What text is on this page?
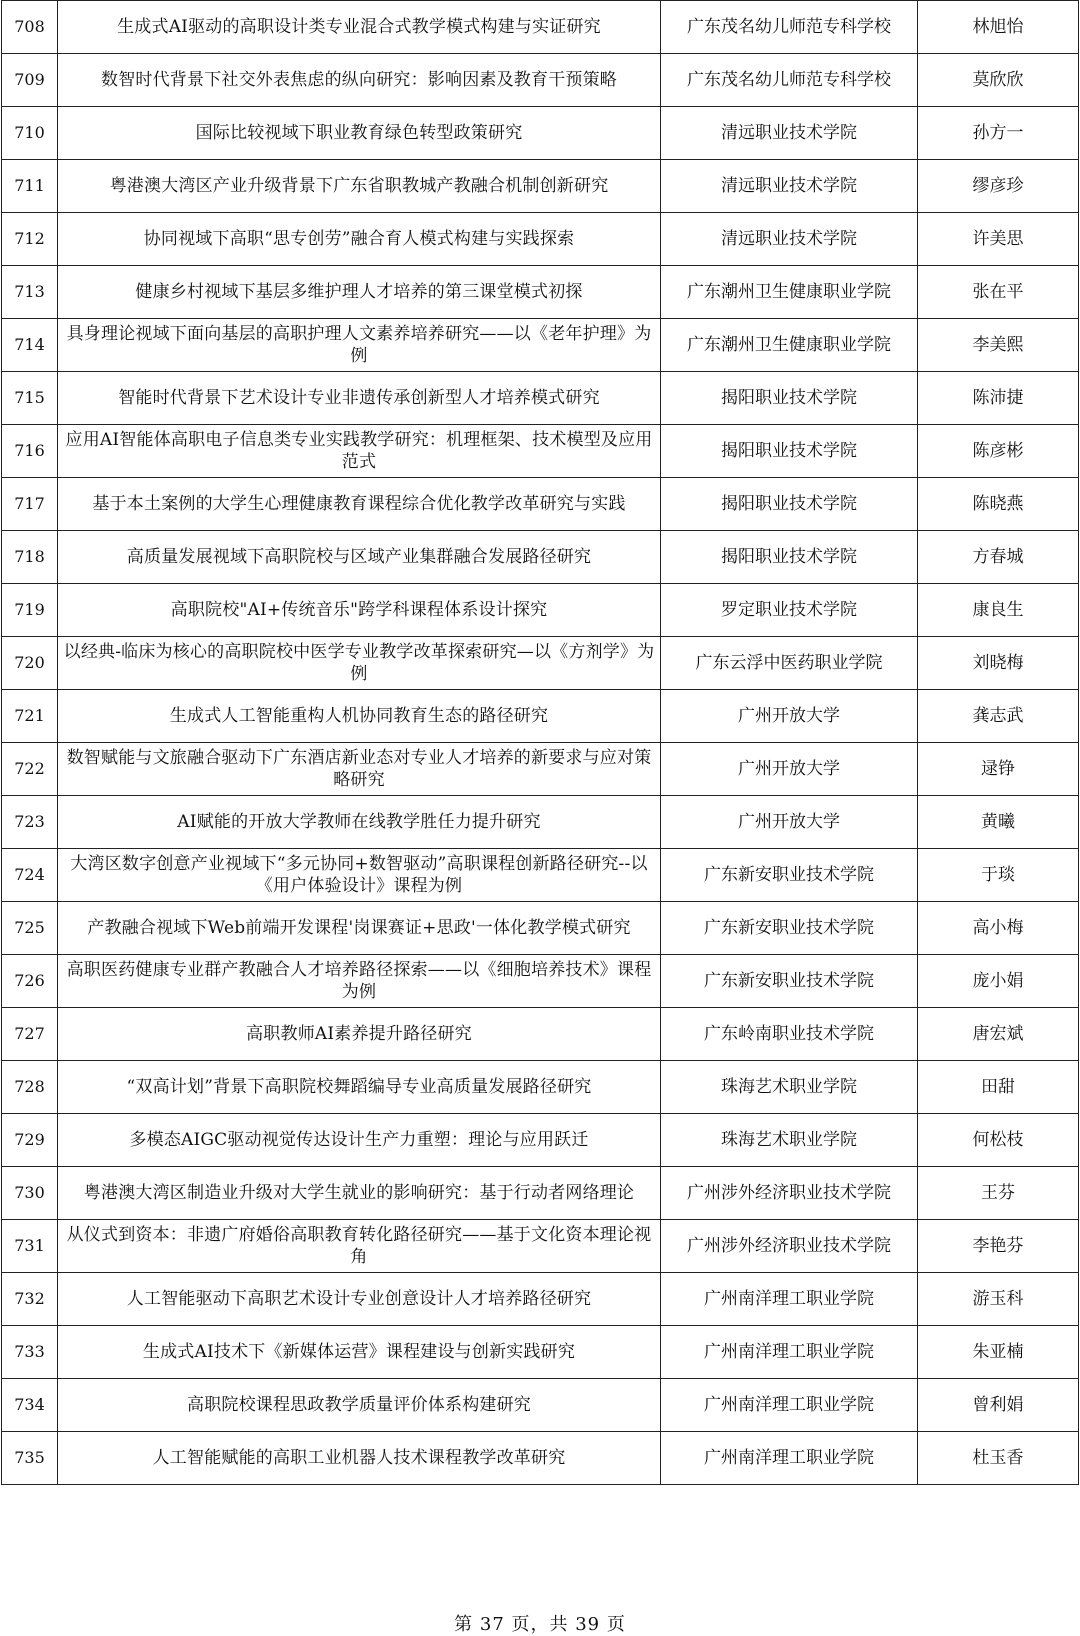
708	生成式AI驱动的高职设计类专业混合式教学模式构建与实证研究	广东茂名幼儿师范专科学校	林旭怡
709	数智时代背景下社交外表焦虑的纵向研究：影响因素及教育干预策略	广东茂名幼儿师范专科学校	莫欣欣
710	国际比较视域下职业教育绿色转型政策研究	清远职业技术学院	孙方一
711	粤港澳大湾区产业升级背景下广东省职教城产教融合机制创新研究	清远职业技术学院	缪彦珍
712	协同视域下高职“思专创劳”融合育人模式构建与实践探索	清远职业技术学院	许美思
713	健康乡村视域下基层多维护理人才培养的第三课堂模式初探	广东潮州卫生健康职业学院	张在平
714	具身理论视域下面向基层的高职护理人文素养培养研究——以《老年护理》为例	广东潮州卫生健康职业学院	李美熙
715	智能时代背景下艺术设计专业非遗传承创新型人才培养模式研究	揭阳职业技术学院	陈沛捷
716	应用AI智能体高职电子信息类专业实践教学研究：机理框架、技术模型及应用范式	揭阳职业技术学院	陈彦彬
717	基于本土案例的大学生心理健康教育课程综合优化教学改革研究与实践	揭阳职业技术学院	陈晓燕
718	高质量发展视域下高职院校与区域产业集群融合发展路径研究	揭阳职业技术学院	方春城
719	高职院校"AI+传统音乐"跨学科课程体系设计探究	罗定职业技术学院	康良生
720	以经典-临床为核心的高职院校中医学专业教学改革探索研究—以《方剂学》为例	广东云浮中医药职业学院	刘晓梅
721	生成式人工智能重构人机协同教育生态的路径研究	广州开放大学	龚志武
722	数智赋能与文旅融合驱动下广东酒店新业态对专业人才培养的新要求与应对策略研究	广州开放大学	逯铮
723	AI赋能的开放大学教师在线教学胜任力提升研究	广州开放大学	黄曦
724	大湾区数字创意产业视域下“多元协同+数智驱动”高职课程创新路径研究--以《用户体验设计》课程为例	广东新安职业技术学院	于琰
725	产教融合视域下Web前端开发课程'岗课赛证+思政'一体化教学模式研究	广东新安职业技术学院	高小梅
726	高职医药健康专业群产教融合人才培养路径探索——以《细胞培养技术》课程为例	广东新安职业技术学院	庞小娟
727	高职教师AI素养提升路径研究	广东岭南职业技术学院	唐宏斌
728	“双高计划”背景下高职院校舞蹈编导专业高质量发展路径研究	珠海艺术职业学院	田甜
729	多模态AIGC驱动视觉传达设计生产力重塑：理论与应用跃迁	珠海艺术职业学院	何松枝
730	粤港澳大湾区制造业升级对大学生就业的影响研究：基于行动者网络理论	广州涉外经济职业技术学院	王芬
731	从仪式到资本：非遗广府婚俗高职教育转化路径研究——基于文化资本理论视角	广州涉外经济职业技术学院	李艳芬
732	人工智能驱动下高职艺术设计专业创意设计人才培养路径研究	广州南洋理工职业学院	游玉科
733	生成式AI技术下《新媒体运营》课程建设与创新实践研究	广州南洋理工职业学院	朱亚楠
734	高职院校课程思政教学质量评价体系构建研究	广州南洋理工职业学院	曾利娟
735	人工智能赋能的高职工业机器人技术课程教学改革研究	广州南洋理工职业学院	杜玉香
第 37 页，共 39 页
